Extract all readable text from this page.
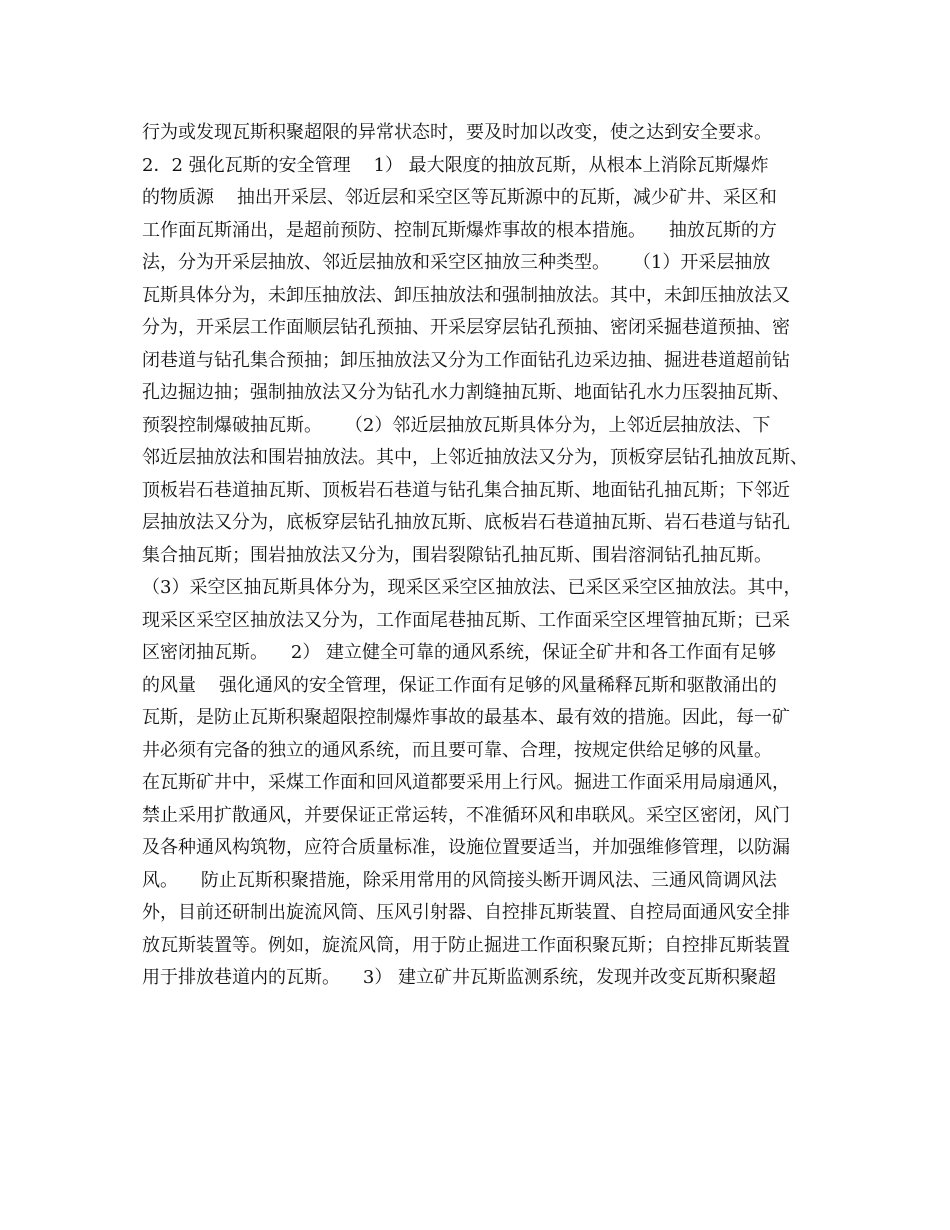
行为或发现瓦斯积聚超限的异常状态时，要及时加以改变，使之达到安全要求。
2．2 强化瓦斯的安全管理    1） 最大限度的抽放瓦斯，从根本上消除瓦斯爆炸
的物质源    抽出开采层、邻近层和采空区等瓦斯源中的瓦斯，减少矿井、采区和
工作面瓦斯涌出，是超前预防、控制瓦斯爆炸事故的根本措施。    抽放瓦斯的方
法，分为开采层抽放、邻近层抽放和采空区抽放三种类型。    （1）开采层抽放
瓦斯具体分为，未卸压抽放法、卸压抽放法和强制抽放法。其中，未卸压抽放法又
分为，开采层工作面顺层钻孔预抽、开采层穿层钻孔预抽、密闭采掘巷道预抽、密
闭巷道与钻孔集合预抽；卸压抽放法又分为工作面钻孔边采边抽、掘进巷道超前钻
孔边掘边抽；强制抽放法又分为钻孔水力割缝抽瓦斯、地面钻孔水力压裂抽瓦斯、
预裂控制爆破抽瓦斯。    （2）邻近层抽放瓦斯具体分为，上邻近层抽放法、下
邻近层抽放法和围岩抽放法。其中，上邻近抽放法又分为，顶板穿层钻孔抽放瓦斯、
顶板岩石巷道抽瓦斯、顶板岩石巷道与钻孔集合抽瓦斯、地面钻孔抽瓦斯；下邻近
层抽放法又分为，底板穿层钻孔抽放瓦斯、底板岩石巷道抽瓦斯、岩石巷道与钻孔
集合抽瓦斯；围岩抽放法又分为，围岩裂隙钻孔抽瓦斯、围岩溶洞钻孔抽瓦斯。
（3）采空区抽瓦斯具体分为，现采区采空区抽放法、已采区采空区抽放法。其中，
现采区采空区抽放法又分为，工作面尾巷抽瓦斯、工作面采空区埋管抽瓦斯；已采
区密闭抽瓦斯。    2） 建立健全可靠的通风系统，保证全矿井和各工作面有足够
的风量    强化通风的安全管理，保证工作面有足够的风量稀释瓦斯和驱散涌出的
瓦斯，是防止瓦斯积聚超限控制爆炸事故的最基本、最有效的措施。因此，每一矿
井必须有完备的独立的通风系统，而且要可靠、合理，按规定供给足够的风量。
在瓦斯矿井中，采煤工作面和回风道都要采用上行风。掘进工作面采用局扇通风，
禁止采用扩散通风，并要保证正常运转，不准循环风和串联风。采空区密闭，风门
及各种通风构筑物，应符合质量标准，设施位置要适当，并加强维修管理，以防漏
风。    防止瓦斯积聚措施，除采用常用的风筒接头断开调风法、三通风筒调风法
外，目前还研制出旋流风筒、压风引射器、自控排瓦斯装置、自控局面通风安全排
放瓦斯装置等。例如，旋流风筒，用于防止掘进工作面积聚瓦斯；自控排瓦斯装置
用于排放巷道内的瓦斯。    3） 建立矿井瓦斯监测系统，发现并改变瓦斯积聚超
